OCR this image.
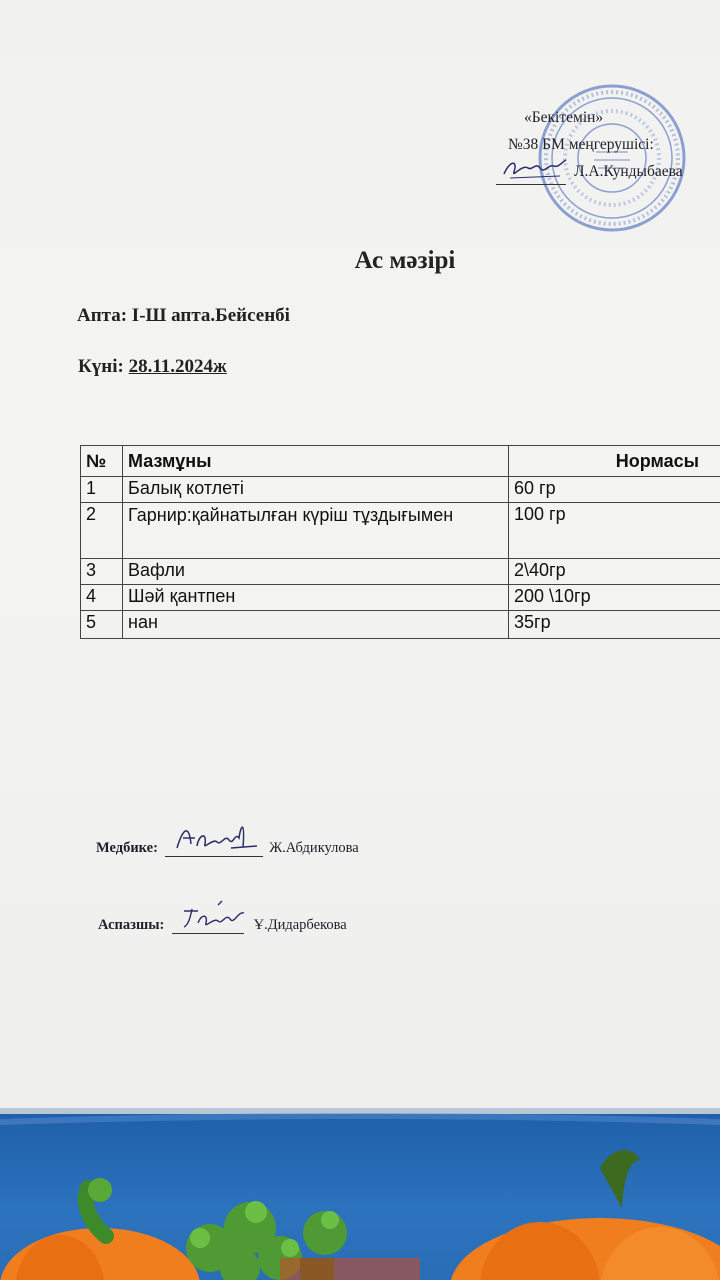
«Бекітемін»
№38 БМ меңгерушісі:
Л.А.Кундыбаева
Ас мәзірі
Апта: І-Ш апта.Бейсенбі
Күні: 28.11.2024ж
№	Мазмұны	Нормасы
1	Балық котлеті	60 гр
2	Гарнир:қайнатылған күріш тұздығымен	100 гр
3	Вафли	2\40гр
4	Шәй қантпен	200 \10гр
5	нан	35гр
Медбике:	Ж.Абдикулова
Аспазшы:	Ұ.Дидарбекова
